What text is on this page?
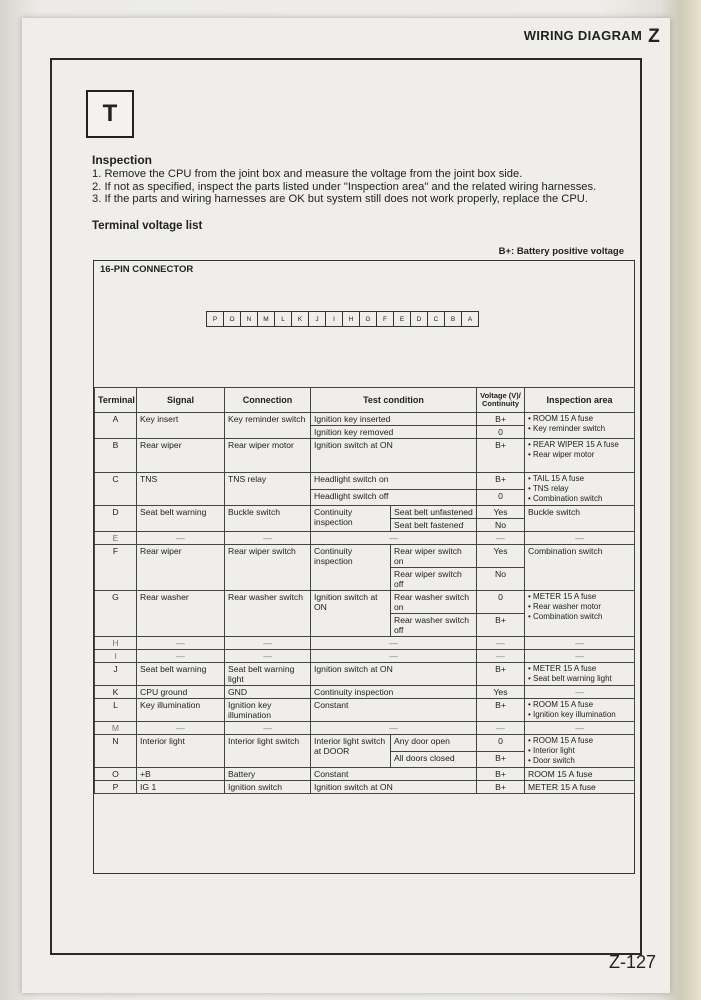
WIRING DIAGRAM Z
T
Inspection
1. Remove the CPU from the joint box and measure the voltage from the joint box side.
2. If not as specified, inspect the parts listed under "Inspection area" and the related wiring harnesses.
3. If the parts and wiring harnesses are OK but system still does not work properly, replace the CPU.
Terminal voltage list
B+: Battery positive voltage
16-PIN CONNECTOR
P	O	N	M	L	K	J	I	H	G	F	E	D	C	B	A
Terminal	Signal	Connection	Test condition		Voltage (V)/ Continuity	Inspection area
A	Key insert	Key reminder switch	Ignition key inserted		B+	• ROOM 15 A fuse
• Key reminder switch
			Ignition key removed		0	
B	Rear wiper	Rear wiper motor	Ignition switch at ON		B+	• REAR WIPER 15 A fuse
• Rear wiper motor
C	TNS	TNS relay	Headlight switch on		B+	• TAIL 15 A fuse
• TNS relay
• Combination switch
			Headlight switch off		0	
D	Seat belt warning	Buckle switch	Continuity inspection	Seat belt unfastened	Yes	Buckle switch
				Seat belt fastened	No	
E	—	—	—		—	—
F	Rear wiper	Rear wiper switch	Continuity inspection	Rear wiper switch on	Yes	Combination switch
				Rear wiper switch off	No	
G	Rear washer	Rear washer switch	Ignition switch at ON	Rear washer switch on	0	• METER 15 A fuse
• Rear washer motor
• Combination switch
				Rear washer switch off	B+	
H	—	—	—		—	—
I	—	—	—		—	—
J	Seat belt warning	Seat belt warning light	Ignition switch at ON		B+	• METER 15 A fuse
• Seat belt warning light
K	CPU ground	GND	Continuity inspection		Yes	—
L	Key illumination	Ignition key illumination	Constant		B+	• ROOM 15 A fuse
• Ignition key illumination
M	—	—	—		—	—
N	Interior light	Interior light switch	Interior light switch at DOOR	Any door open	0	• ROOM 15 A fuse
• Interior light
• Door switch
				All doors closed	B+	
O	+B	Battery	Constant		B+	ROOM 15 A fuse
P	IG 1	Ignition switch	Ignition switch at ON		B+	METER 15 A fuse
Z-127
